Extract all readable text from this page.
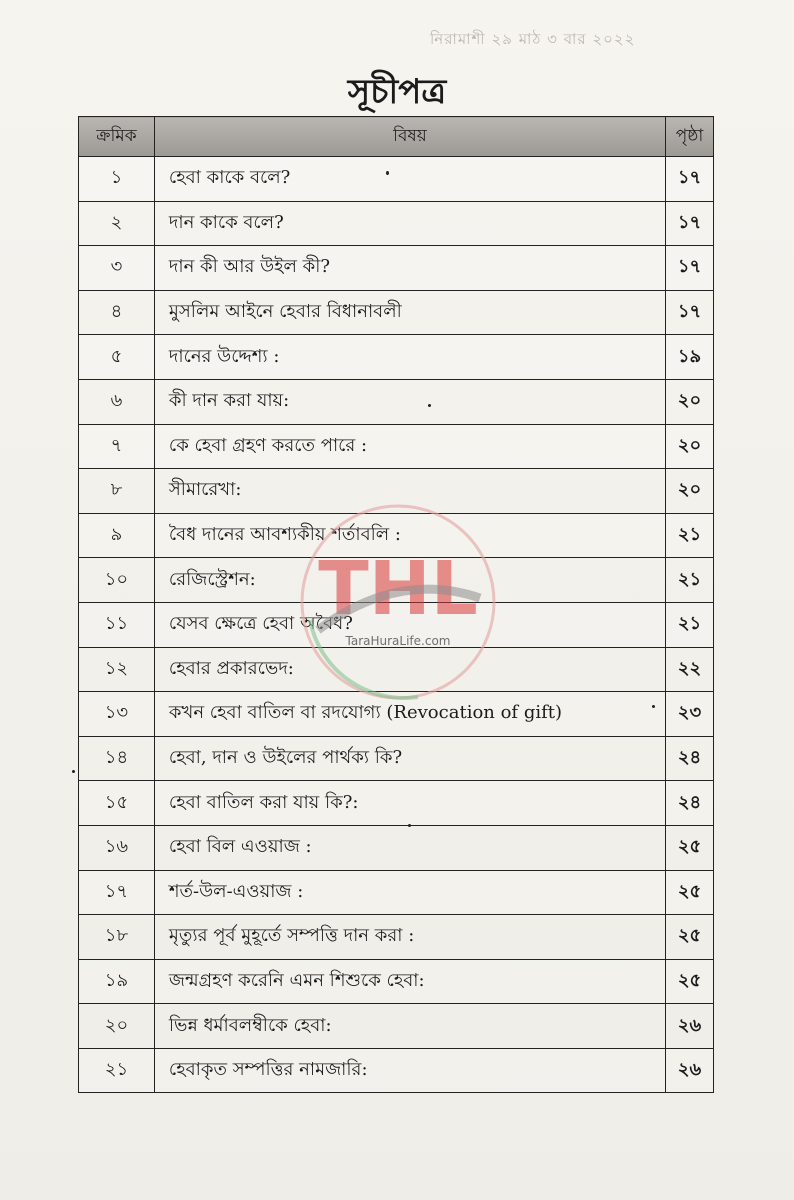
নিরামাশী ২৯ মাঠ ৩ বার ২০২২
সূচীপত্র
ক্রমিক	বিষয়	পৃষ্ঠা
১	হেবা কাকে বলে?	১৭
২	দান কাকে বলে?	১৭
৩	দান কী আর উইল কী?	১৭
৪	মুসলিম আইনে হেবার বিধানাবলী	১৭
৫	দানের উদ্দেশ্য :	১৯
৬	কী দান করা যায়:	২০
৭	কে হেবা গ্রহণ করতে পারে :	২০
৮	সীমারেখা:	২০
৯	বৈধ দানের আবশ্যকীয় শর্তাবলি :	২১
১০	রেজিস্ট্রেশন:	২১
১১	যেসব ক্ষেত্রে হেবা অবৈধ?	২১
১২	হেবার প্রকারভেদ:	২২
১৩	কখন হেবা বাতিল বা রদযোগ্য (Revocation of gift)	২৩
১৪	হেবা, দান ও উইলের পার্থক্য কি?	২৪
১৫	হেবা বাতিল করা যায় কি?:	২৪
১৬	হেবা বিল এওয়াজ :	২৫
১৭	শর্ত-উল-এওয়াজ :	২৫
১৮	মৃত্যুর পূর্ব মুহূর্তে সম্পত্তি দান করা :	২৫
১৯	জন্মগ্রহণ করেনি এমন শিশুকে হেবা:	২৫
২০	ভিন্ন ধর্মাবলম্বীকে হেবা:	২৬
২১	হেবাকৃত সম্পত্তির নামজারি:	২৬
THL
TaraHuraLife.com
